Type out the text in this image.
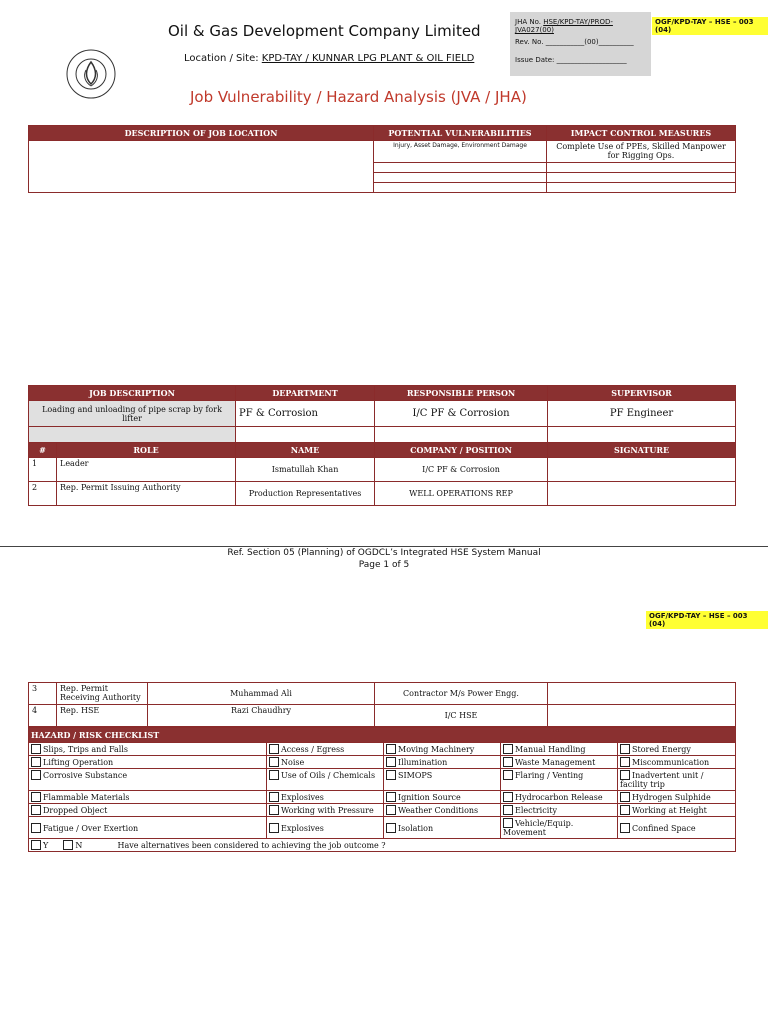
Oil & Gas Development Company Limited
Location / Site: KPD-TAY / KUNNAR LPG PLANT & OIL FIELD
JHA No. HSE/KPD-TAY/PROD-JVA027(00)
Rev. No. ___________(00)__________
Issue Date: ____________________
OGF/KPD-TAY – HSE – 003 (04)
Job Vulnerability / Hazard Analysis (JVA / JHA)
DESCRIPTION OF JOB LOCATION	POTENTIAL VULNERABILITIES	IMPACT CONTROL MEASURES
	Injury, Asset Damage, Environment Damage	Complete Use of PPEs, Skilled Manpower for Rigging Ops.

JOB DESCRIPTION		DEPARTMENT	RESPONSIBLE PERSON	SUPERVISOR
Loading and unloading of pipe scrap by fork lifter		PF & Corrosion	I/C PF & Corrosion	PF Engineer

#	ROLE	NAME	COMPANY / POSITION	SIGNATURE
1	Leader	Ismatullah Khan	I/C PF & Corrosion	
2	Rep. Permit Issuing Authority	Production Representatives	WELL OPERATIONS REP	
Ref. Section 05 (Planning) of OGDCL’s Integrated HSE System Manual
Page 1 of 5
OGF/KPD-TAY – HSE – 003 (04)
3	Rep. Permit Receiving Authority	Muhammad Ali	Contractor M/s Power Engg.	
4	Rep. HSE	Razi Chaudhry	I/C HSE	
HAZARD / RISK CHECKLIST				
Slips, Trips and Falls	Access / Egress	Moving Machinery	Manual Handling	Stored Energy
Lifting Operation	Noise	Illumination	Waste Management	Miscommunication
Corrosive Substance	Use of Oils / Chemicals	SIMOPS	Flaring / Venting	Inadvertent unit / facility trip
Flammable Materials	Explosives	Ignition Source	Hydrocarbon Release	Hydrogen Sulphide
Dropped Object	Working with Pressure	Weather Conditions	Electricity	Working at Height
Fatigue / Over Exertion	Explosives	Isolation	Vehicle/Equip. Movement	Confined Space
Y N Have alternatives been considered to achieving the job outcome ?				
